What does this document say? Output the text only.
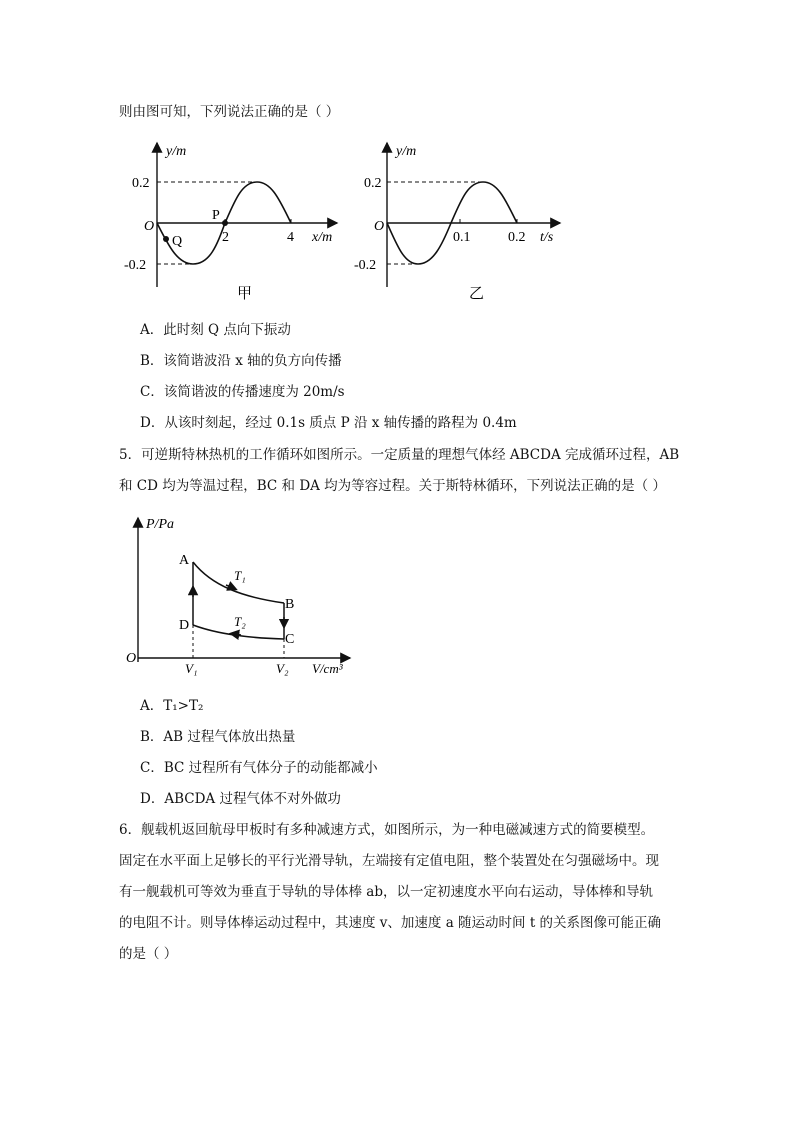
则由图可知，下列说法正确的是（ ）
y/m
x/m
O
0.2
-0.2
2	4
P
Q
甲
y/m
t/s
O
0.2
-0.2
0.1	0.2
乙
A．此时刻 Q 点向下振动
B．该简谐波沿 x 轴的负方向传播
C．该简谐波的传播速度为 20m/s
D．从该时刻起，经过 0.1s 质点 P 沿 x 轴传播的路程为 0.4m
5．可逆斯特林热机的工作循环如图所示。一定质量的理想气体经 ABCDA 完成循环过程，AB
和 CD 均为等温过程，BC 和 DA 均为等容过程。关于斯特林循环，下列说法正确的是（ ）
P/Pa
V/cm³
O
A
B
C
D
T₁
T₂
V₁	V₂
A．T₁>T₂
B．AB 过程气体放出热量
C．BC 过程所有气体分子的动能都减小
D．ABCDA 过程气体不对外做功
6．舰载机返回航母甲板时有多种减速方式，如图所示，为一种电磁减速方式的简要模型。
固定在水平面上足够长的平行光滑导轨，左端接有定值电阻，整个装置处在匀强磁场中。现
有一舰载机可等效为垂直于导轨的导体棒 ab，以一定初速度水平向右运动，导体棒和导轨
的电阻不计。则导体棒运动过程中，其速度 v、加速度 a 随运动时间 t 的关系图像可能正确
的是（ ）
